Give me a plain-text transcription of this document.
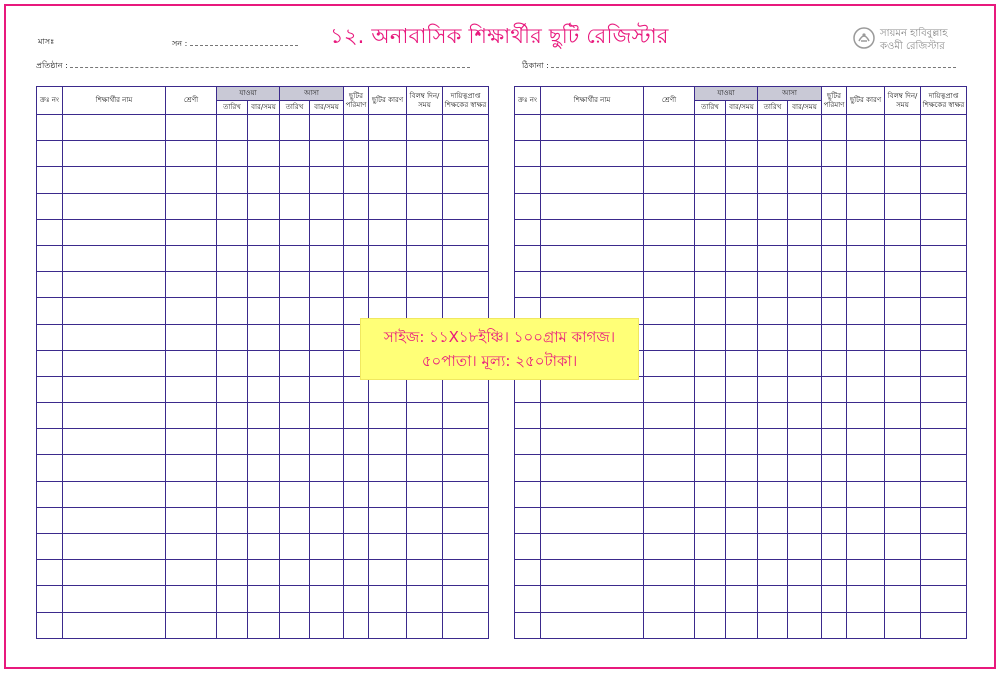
মাসঃ	সন :	১২. অনাবাসিক শিক্ষার্থীর ছুটি রেজিস্টার
প্রতিষ্ঠান :	ঠিকানা :
সায়মন হাবিবুল্লাহ
কওমী রেজিস্টার
ক্রঃ নং	শিক্ষার্থীর নাম	শ্রেণী	যাওয়া		আসা		ছুটির পরিমাণ	ছুটির কারণ	বিলম্ব দিন/সময়	দায়িত্বপ্রাপ্ত শিক্ষকের স্বাক্ষর
			তারিখ	বার/সময়	তারিখ	বার/সময়				

ক্রঃ নং	শিক্ষার্থীর নাম	শ্রেণী	যাওয়া		আসা		ছুটির পরিমাণ	ছুটির কারণ	বিলম্ব দিন/সময়	দায়িত্বপ্রাপ্ত শিক্ষকের স্বাক্ষর
			তারিখ	বার/সময়	তারিখ	বার/সময়				

সাইজ: ১১X১৮ইঞ্চি। ১০০গ্রাম কাগজ।
৫০পাতা। মূল্য: ২৫০টাকা।
